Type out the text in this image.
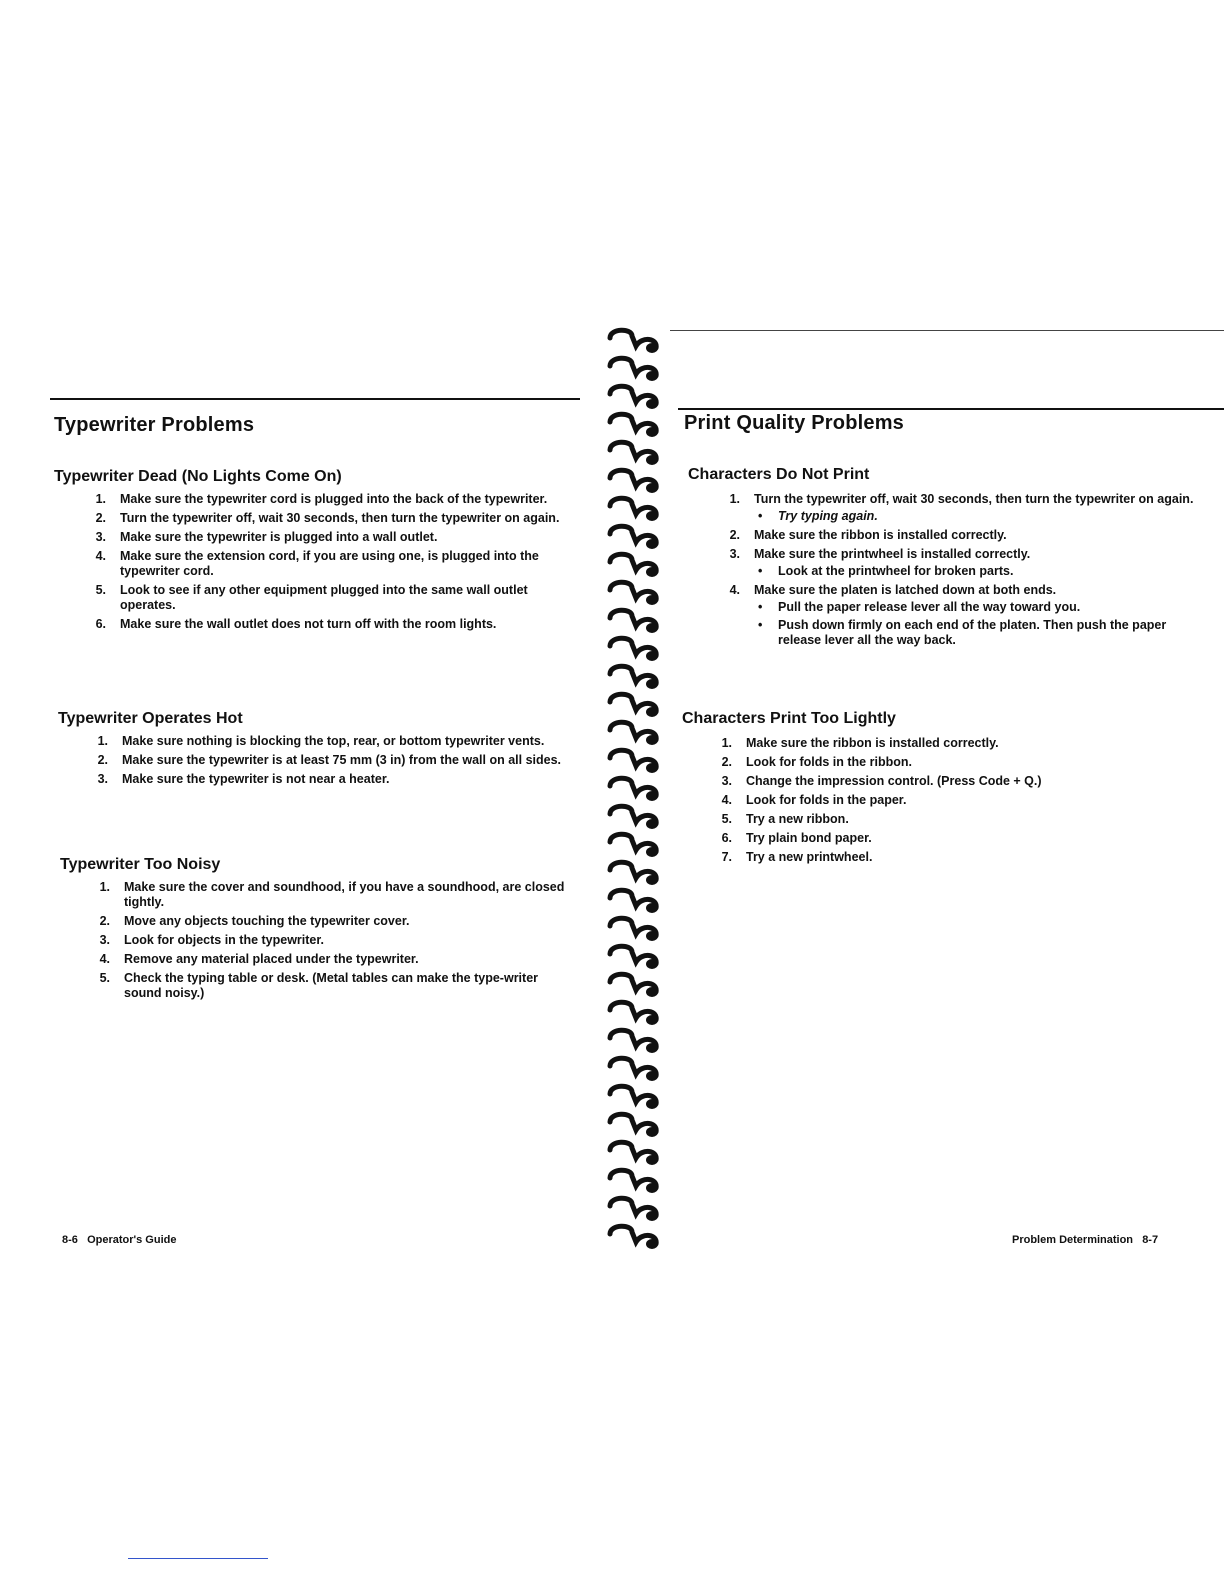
Typewriter Problems
Typewriter Dead (No Lights Come On)
1. Make sure the typewriter cord is plugged into the back of the typewriter.
2. Turn the typewriter off, wait 30 seconds, then turn the typewriter on again.
3. Make sure the typewriter is plugged into a wall outlet.
4. Make sure the extension cord, if you are using one, is plugged into the typewriter cord.
5. Look to see if any other equipment plugged into the same wall outlet operates.
6. Make sure the wall outlet does not turn off with the room lights.
Typewriter Operates Hot
1. Make sure nothing is blocking the top, rear, or bottom typewriter vents.
2. Make sure the typewriter is at least 75 mm (3 in) from the wall on all sides.
3. Make sure the typewriter is not near a heater.
Typewriter Too Noisy
1. Make sure the cover and soundhood, if you have a soundhood, are closed tightly.
2. Move any objects touching the typewriter cover.
3. Look for objects in the typewriter.
4. Remove any material placed under the typewriter.
5. Check the typing table or desk. (Metal tables can make the type-writer sound noisy.)
8-6   Operator's Guide
Print Quality Problems
Characters Do Not Print
1. Turn the typewriter off, wait 30 seconds, then turn the typewriter on again.
• Try typing again.
2. Make sure the ribbon is installed correctly.
3. Make sure the printwheel is installed correctly.
• Look at the printwheel for broken parts.
4. Make sure the platen is latched down at both ends.
• Pull the paper release lever all the way toward you.
• Push down firmly on each end of the platen. Then push the paper release lever all the way back.
Characters Print Too Lightly
1. Make sure the ribbon is installed correctly.
2. Look for folds in the ribbon.
3. Change the impression control. (Press Code + Q.)
4. Look for folds in the paper.
5. Try a new ribbon.
6. Try plain bond paper.
7. Try a new printwheel.
Problem Determination   8-7
